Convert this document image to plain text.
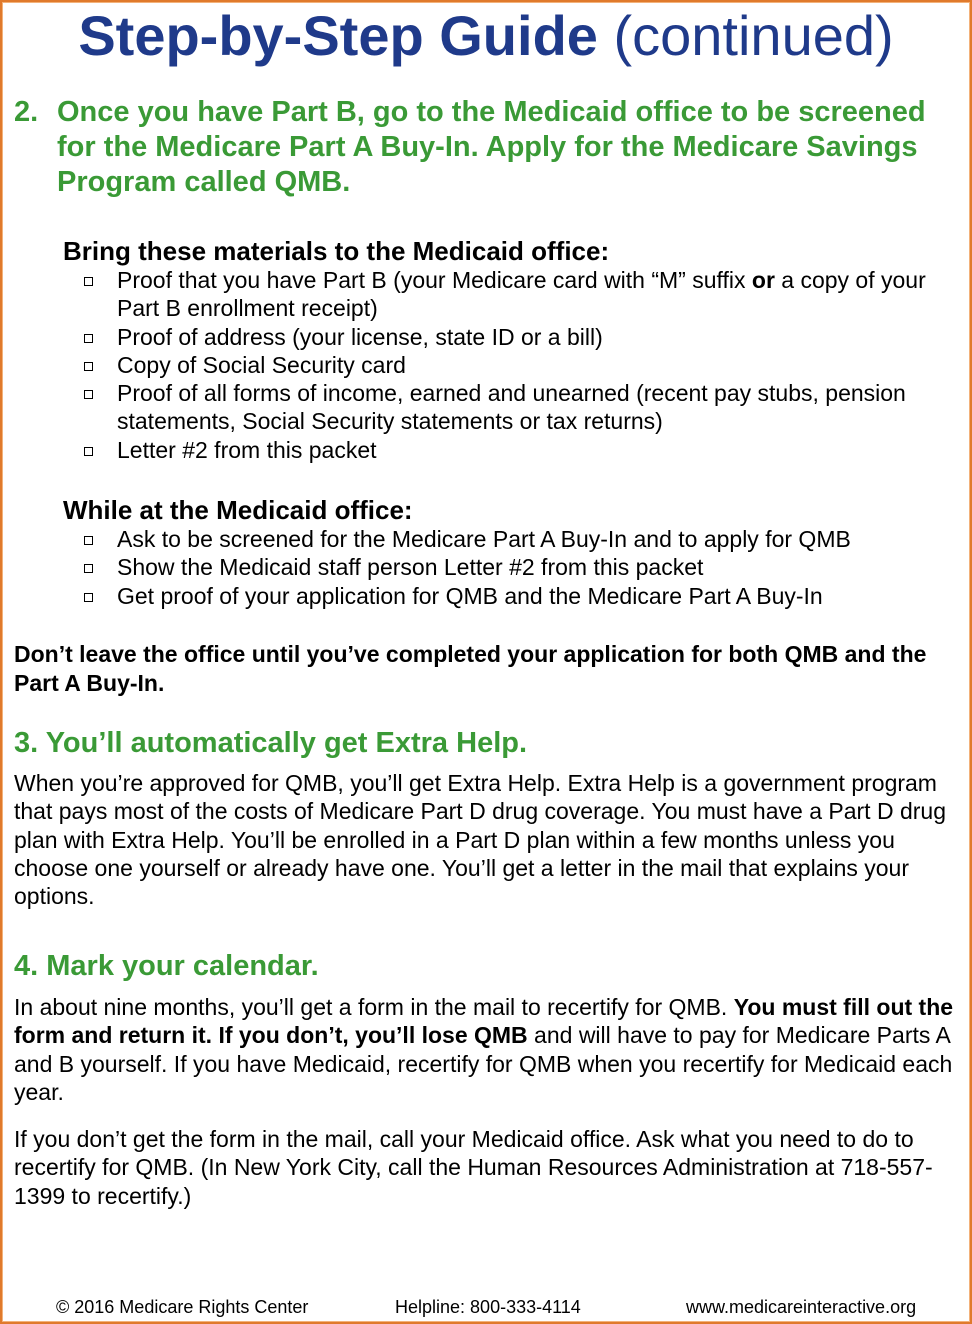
Step-by-Step Guide (continued)
2. Once you have Part B, go to the Medicaid office to be screened for the Medicare Part A Buy-In. Apply for the Medicare Savings Program called QMB.
Bring these materials to the Medicaid office:
Proof that you have Part B (your Medicare card with “M” suffix or a copy of your Part B enrollment receipt)
Proof of address (your license, state ID or a bill)
Copy of Social Security card
Proof of all forms of income, earned and unearned (recent pay stubs, pension statements, Social Security statements or tax returns)
Letter #2 from this packet
While at the Medicaid office:
Ask to be screened for the Medicare Part A Buy-In and to apply for QMB
Show the Medicaid staff person Letter #2 from this packet
Get proof of your application for QMB and the Medicare Part A Buy-In
Don’t leave the office until you’ve completed your application for both QMB and the Part A Buy-In.
3. You’ll automatically get Extra Help.
When you’re approved for QMB, you’ll get Extra Help. Extra Help is a government program that pays most of the costs of Medicare Part D drug coverage. You must have a Part D drug plan with Extra Help. You’ll be enrolled in a Part D plan within a few months unless you choose one yourself or already have one. You’ll get a letter in the mail that explains your options.
4. Mark your calendar.
In about nine months, you’ll get a form in the mail to recertify for QMB. You must fill out the form and return it. If you don’t, you’ll lose QMB and will have to pay for Medicare Parts A and B yourself. If you have Medicaid, recertify for QMB when you recertify for Medicaid each year.
If you don’t get the form in the mail, call your Medicaid office. Ask what you need to do to recertify for QMB. (In New York City, call the Human Resources Administration at 718-557-1399 to recertify.)
© 2016 Medicare Rights Center	Helpline: 800-333-4114	www.medicareinteractive.org
